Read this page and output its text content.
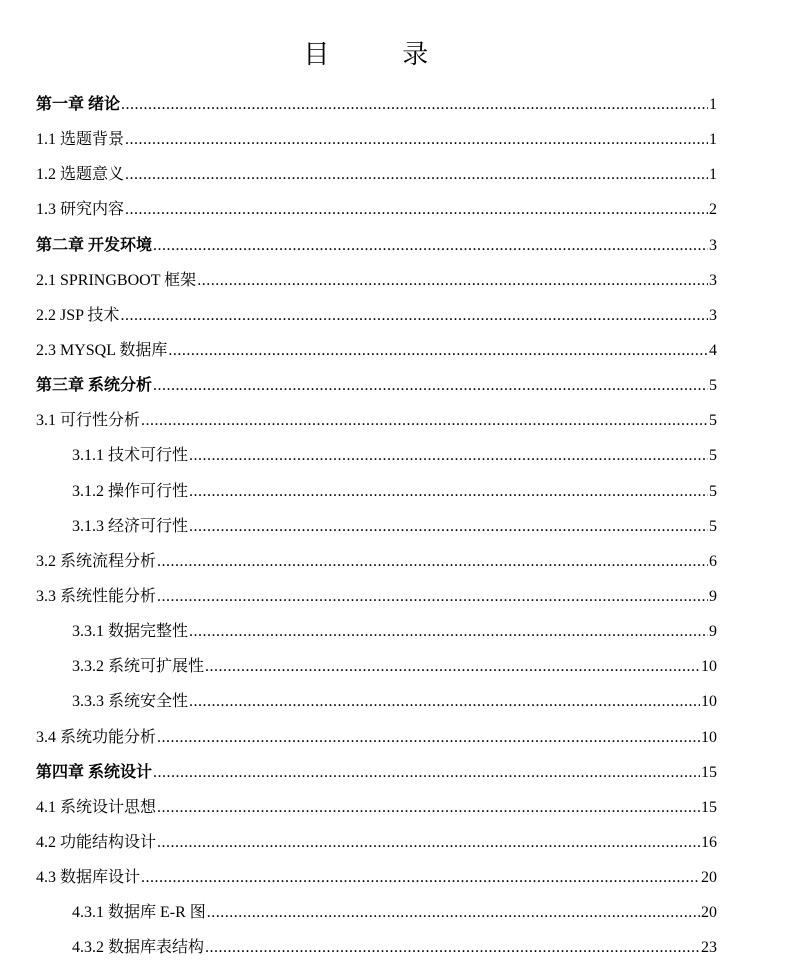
目　录
第一章 绪论 .....	1
1.1 选题背景 .....	1
1.2 选题意义 .....	1
1.3 研究内容 .....	2
第二章 开发环境 .....	3
2.1 SPRINGBOOT 框架 .....	3
2.2 JSP 技术 .....	3
2.3 MYSQL 数据库 .....	4
第三章 系统分析 .....	5
3.1 可行性分析 .....	5
3.1.1 技术可行性 .....	5
3.1.2 操作可行性 .....	5
3.1.3 经济可行性 .....	5
3.2 系统流程分析 .....	6
3.3 系统性能分析 .....	9
3.3.1 数据完整性 .....	9
3.3.2 系统可扩展性 .....	10
3.3.3 系统安全性 .....	10
3.4 系统功能分析 .....	10
第四章 系统设计 .....	15
4.1 系统设计思想 .....	15
4.2 功能结构设计 .....	16
4.3 数据库设计 .....	20
4.3.1 数据库 E-R 图 .....	20
4.3.2 数据库表结构 .....	23
